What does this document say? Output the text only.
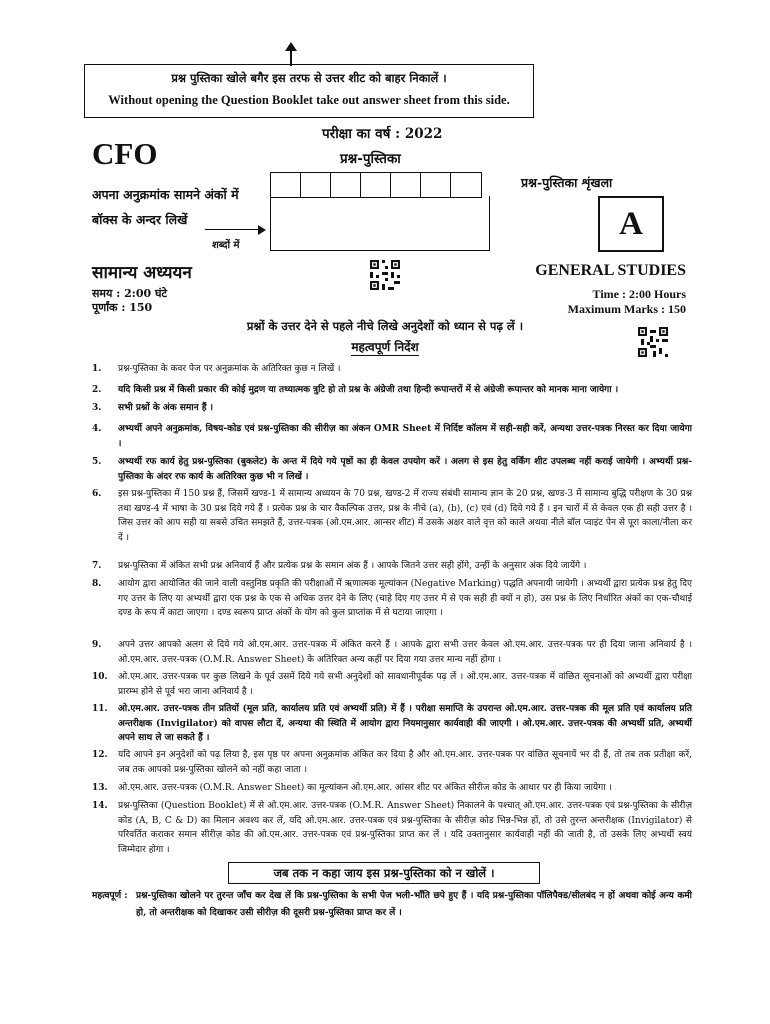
प्रश्न पुस्तिका खोले बगैर इस तरफ से उत्तर शीट को बाहर निकालें ।
Without opening the Question Booklet take out answer sheet from this side.
परीक्षा का वर्ष : 2022
CFO	प्रश्न-पुस्तिका
प्रश्न-पुस्तिका शृंखला
A
अपना अनुक्रमांक सामने अंकों में
बॉक्स के अन्दर लिखें
शब्दों में
सामान्य अध्ययन	GENERAL STUDIES
समय : 2:00 घंटे
पूर्णांक : 150
Time : 2:00 Hours
Maximum Marks : 150
प्रश्नों के उत्तर देने से पहले नीचे लिखे अनुदेशों को ध्यान से पढ़ लें ।
महत्वपूर्ण निर्देश
1. प्रश्न-पुस्तिका के कवर पेज पर अनुक्रमांक के अतिरिक्त कुछ न लिखें ।
2. यदि किसी प्रश्न में किसी प्रकार की कोई मुद्रण या तथ्यात्मक त्रुटि हो तो प्रश्न के अंग्रेजी तथा हिन्दी रूपान्तरों में से अंग्रेजी रूपान्तर को मानक माना जायेगा ।
3. सभी प्रश्नों के अंक समान हैं ।
4. अभ्यर्थी अपने अनुक्रमांक, विषय-कोड एवं प्रश्न-पुस्तिका की सीरीज़ का अंकन OMR Sheet में निर्दिष्ट कॉलम में सही-सही करें, अन्यथा उत्तर-पत्रक निरस्त कर दिया जायेगा ।
5. अभ्यर्थी रफ कार्य हेतु प्रश्न-पुस्तिका (बुकलेट) के अन्त में दिये गये पृष्ठों का ही केवल उपयोग करें । अलग से इस हेतु वर्किंग शीट उपलब्ध नहीं कराई जायेगी । अभ्यर्थी प्रश्न-पुस्तिका के अंदर रफ कार्य के अतिरिक्त कुछ भी न लिखें ।
6. इस प्रश्न-पुस्तिका में 150 प्रश्न हैं, जिसमें खण्ड-1 में सामान्य अध्ययन के 70 प्रश्न, खण्ड-2 में राज्य संबंधी सामान्य ज्ञान के 20 प्रश्न, खण्ड-3 में सामान्य बुद्धि परीक्षण के 30 प्रश्न तथा खण्ड-4 में भाषा के 30 प्रश्न दिये गये हैं । प्रत्येक प्रश्न के चार वैकल्पिक उत्तर, प्रश्न के नीचे (a), (b), (c) एवं (d) दिये गये हैं । इन चारों में से केवल एक ही सही उत्तर है । जिस उत्तर को आप सही या सबसे उचित समझते हैं, उत्तर-पत्रक (ओ.एम.आर. आन्सर शीट) में उसके अक्षर वाले वृत्त को काले अथवा नीले बॉल प्वाइंट पेन से पूरा काला/नीला कर दें ।
7. प्रश्न-पुस्तिका में अंकित सभी प्रश्न अनिवार्य हैं और प्रत्येक प्रश्न के समान अंक हैं । आपके जितने उत्तर सही होंगे, उन्हीं के अनुसार अंक दिये जायेंगे ।
8. आयोग द्वारा आयोजित की जाने वाली वस्तुनिष्ठ प्रकृति की परीक्षाओं में ऋणात्मक मूल्यांकन (Negative Marking) पद्धति अपनायी जायेगी । अभ्यर्थी द्वारा प्रत्येक प्रश्न हेतु दिए गए उत्तर के लिए या अभ्यर्थी द्वारा एक प्रश्न के एक से अधिक उत्तर देने के लिए (चाहे दिए गए उत्तर में से एक सही ही क्यों न हो), उस प्रश्न के लिए निर्धारित अंकों का एक-चौथाई दण्ड के रूप में काटा जाएगा । दण्ड स्वरूप प्राप्त अंकों के योग को कुल प्राप्तांक में से घटाया जाएगा ।
9. अपने उत्तर आपको अलग से दिये गये ओ.एम.आर. उत्तर-पत्रक में अंकित करने हैं । आपके द्वारा सभी उत्तर केवल ओ.एम.आर. उत्तर-पत्रक पर ही दिया जाना अनिवार्य है । ओ.एम.आर. उत्तर-पत्रक (O.M.R. Answer Sheet) के अतिरिक्त अन्य कहीं पर दिया गया उत्तर मान्य नहीं होगा ।
10. ओ.एम.आर. उत्तर-पत्रक पर कुछ लिखने के पूर्व उसमें दिये गये सभी अनुदेशों को सावधानीपूर्वक पढ़ लें । ओ.एम.आर. उत्तर-पत्रक में वांछित सूचनाओं को अभ्यर्थी द्वारा परीक्षा प्रारम्भ होने से पूर्व भरा जाना अनिवार्य है ।
11. ओ.एम.आर. उत्तर-पत्रक तीन प्रतियों (मूल प्रति, कार्यालय प्रति एवं अभ्यर्थी प्रति) में हैं । परीक्षा समाप्ति के उपरान्त ओ.एम.आर. उत्तर-पत्रक की मूल प्रति एवं कार्यालय प्रति अन्तरीक्षक (Invigilator) को वापस लौटा दें, अन्यथा की स्थिति में आयोग द्वारा नियमानुसार कार्यवाही की जाएगी । ओ.एम.आर. उत्तर-पत्रक की अभ्यर्थी प्रति, अभ्यर्थी अपने साथ ले जा सकते हैं ।
12. यदि आपने इन अनुदेशों को पढ़ लिया है, इस पृष्ठ पर अपना अनुक्रमांक अंकित कर दिया है और ओ.एम.आर. उत्तर-पत्रक पर वांछित सूचनायें भर दी हैं, तो तब तक प्रतीक्षा करें, जब तक आपको प्रश्न-पुस्तिका खोलने को नहीं कहा जाता ।
13. ओ.एम.आर. उत्तर-पत्रक (O.M.R. Answer Sheet) का मूल्यांकन ओ.एम.आर. आंसर शीट पर अंकित सीरीज कोड के आधार पर ही किया जायेगा ।
14. प्रश्न-पुस्तिका (Question Booklet) में से ओ.एम.आर. उत्तर-पत्रक (O.M.R. Answer Sheet) निकालने के पश्चात् ओ.एम.आर. उत्तर-पत्रक एवं प्रश्न-पुस्तिका के सीरीज़ कोड (A, B, C & D) का मिलान अवश्य कर लें, यदि ओ.एम.आर. उत्तर-पत्रक एवं प्रश्न-पुस्तिका के सीरीज़ कोड भिन्न-भिन्न हों, तो उसे तुरन्त अन्तरीक्षक (Invigilator) से परिवर्तित कराकर समान सीरीज़ कोड की ओ.एम.आर. उत्तर-पत्रक एवं प्रश्न-पुस्तिका प्राप्त कर लें । यदि उक्तानुसार कार्यवाही नहीं की जाती है, तो उसके लिए अभ्यर्थी स्वयं जिम्मेदार होगा ।
जब तक न कहा जाय इस प्रश्न-पुस्तिका को न खोलें ।
महत्वपूर्ण : प्रश्न-पुस्तिका खोलने पर तुरन्त जाँच कर देख लें कि प्रश्न-पुस्तिका के सभी पेज भली-भाँति छपे हुए हैं । यदि प्रश्न-पुस्तिका पॉलिपैक्ड/सीलबंद न हों अथवा कोई अन्य कमी हो, तो अन्तरीक्षक को दिखाकर उसी सीरीज़ की दूसरी प्रश्न-पुस्तिका प्राप्त कर लें ।
